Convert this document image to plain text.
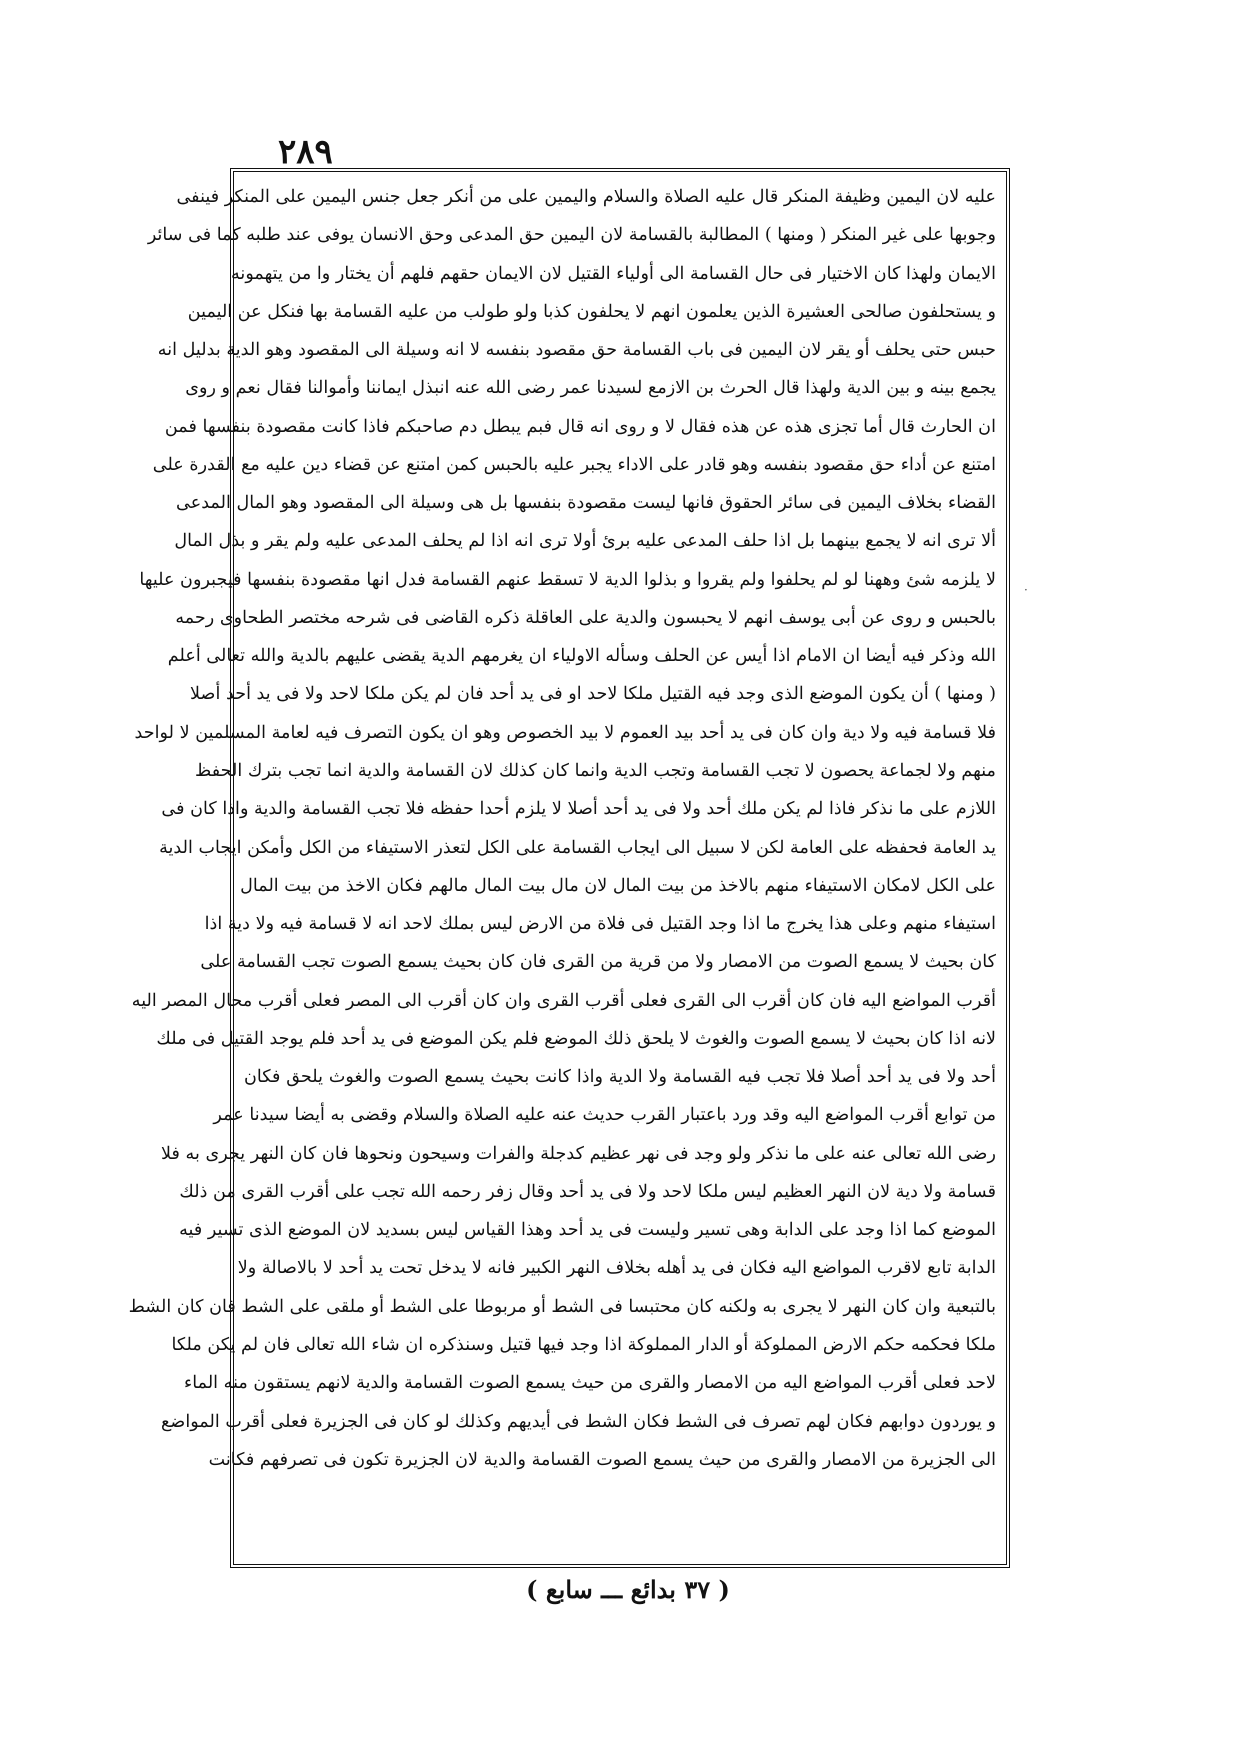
٢٨٩
عليه لان اليمين وظيفة المنكر قال عليه الصلاة والسلام واليمين على من أنكر جعل جنس اليمين على المنكر فينفى
وجوبها على غير المنكر ( ومنها ) المطالبة بالقسامة لان اليمين حق المدعى وحق الانسان يوفى عند طلبه كما فى سائر
الايمان ولهذا كان الاختيار فى حال القسامة الى أولياء القتيل لان الايمان حقهم فلهم أن يختار وا من يتهمونه
و يستحلفون صالحى العشيرة الذين يعلمون انهم لا يحلفون كذبا ولو طولب من عليه القسامة بها فنكل عن اليمين
حبس حتى يحلف أو يقر لان اليمين فى باب القسامة حق مقصود بنفسه لا انه وسيلة الى المقصود وهو الدية بدليل انه
يجمع بينه و بين الدية ولهذا قال الحرث بن الازمع لسيدنا عمر رضى الله عنه انبذل ايماننا وأموالنا فقال نعم و روى
ان الحارث قال أما تجزى هذه عن هذه فقال لا و روى انه قال فبم يبطل دم صاحبكم فاذا كانت مقصودة بنفسها فمن
امتنع عن أداء حق مقصود بنفسه وهو قادر على الاداء يجبر عليه بالحبس كمن امتنع عن قضاء دين عليه مع القدرة على
القضاء بخلاف اليمين فى سائر الحقوق فانها ليست مقصودة بنفسها بل هى وسيلة الى المقصود وهو المال المدعى
ألا ترى انه لا يجمع بينهما بل اذا حلف المدعى عليه برئ أولا ترى انه اذا لم يحلف المدعى عليه ولم يقر و بذل المال
لا يلزمه شئ وههنا لو لم يحلفوا ولم يقروا و بذلوا الدية لا تسقط عنهم القسامة فدل انها مقصودة بنفسها فيجبرون عليها
بالحبس و روى عن أبى يوسف انهم لا يحبسون والدية على العاقلة ذكره القاضى فى شرحه مختصر الطحاوى رحمه
الله وذكر فيه أيضا ان الامام اذا أيس عن الحلف وسأله الاولياء ان يغرمهم الدية يقضى عليهم بالدية والله تعالى أعلم
( ومنها ) أن يكون الموضع الذى وجد فيه القتيل ملكا لاحد او فى يد أحد فان لم يكن ملكا لاحد ولا فى يد أحد أصلا
فلا قسامة فيه ولا دية وان كان فى يد أحد بيد العموم لا بيد الخصوص وهو ان يكون التصرف فيه لعامة المسلمين لا لواحد
منهم ولا لجماعة يحصون لا تجب القسامة وتجب الدية وانما كان كذلك لان القسامة والدية انما تجب بترك الحفظ
اللازم على ما نذكر فاذا لم يكن ملك أحد ولا فى يد أحد أصلا لا يلزم أحدا حفظه فلا تجب القسامة والدية واذا كان فى
يد العامة فحفظه على العامة لكن لا سبيل الى ايجاب القسامة على الكل لتعذر الاستيفاء من الكل وأمكن ايجاب الدية
على الكل لامكان الاستيفاء منهم بالاخذ من بيت المال لان مال بيت المال مالهم فكان الاخذ من بيت المال
استيفاء منهم وعلى هذا يخرج ما اذا وجد القتيل فى فلاة من الارض ليس بملك لاحد انه لا قسامة فيه ولا دية اذا
كان بحيث لا يسمع الصوت من الامصار ولا من قرية من القرى فان كان بحيث يسمع الصوت تجب القسامة على
أقرب المواضع اليه فان كان أقرب الى القرى فعلى أقرب القرى وان كان أقرب الى المصر فعلى أقرب محال المصر اليه
لانه اذا كان بحيث لا يسمع الصوت والغوث لا يلحق ذلك الموضع فلم يكن الموضع فى يد أحد فلم يوجد القتيل فى ملك
أحد ولا فى يد أحد أصلا فلا تجب فيه القسامة ولا الدية واذا كانت بحيث يسمع الصوت والغوث يلحق فكان
من توابع أقرب المواضع اليه وقد ورد باعتبار القرب حديث عنه عليه الصلاة والسلام وقضى به أيضا سيدنا عمر
رضى الله تعالى عنه على ما نذكر ولو وجد فى نهر عظيم كدجلة والفرات وسيحون ونحوها فان كان النهر يجرى به فلا
قسامة ولا دية لان النهر العظيم ليس ملكا لاحد ولا فى يد أحد وقال زفر رحمه الله تجب على أقرب القرى من ذلك
الموضع كما اذا وجد على الدابة وهى تسير وليست فى يد أحد وهذا القياس ليس بسديد لان الموضع الذى تسير فيه
الدابة تابع لاقرب المواضع اليه فكان فى يد أهله بخلاف النهر الكبير فانه لا يدخل تحت يد أحد لا بالاصالة ولا
بالتبعية وان كان النهر لا يجرى به ولكنه كان محتبسا فى الشط أو مربوطا على الشط أو ملقى على الشط فان كان الشط
ملكا فحكمه حكم الارض المملوكة أو الدار المملوكة اذا وجد فيها قتيل وسنذكره ان شاء الله تعالى فان لم يكن ملكا
لاحد فعلى أقرب المواضع اليه من الامصار والقرى من حيث يسمع الصوت القسامة والدية لانهم يستقون منه الماء
و يوردون دوابهم فكان لهم تصرف فى الشط فكان الشط فى أيديهم وكذلك لو كان فى الجزيرة فعلى أقرب المواضع
الى الجزيرة من الامصار والقرى من حيث يسمع الصوت القسامة والدية لان الجزيرة تكون فى تصرفهم فكانت
·
( ٣٧ بدائع ـــ سابع )
